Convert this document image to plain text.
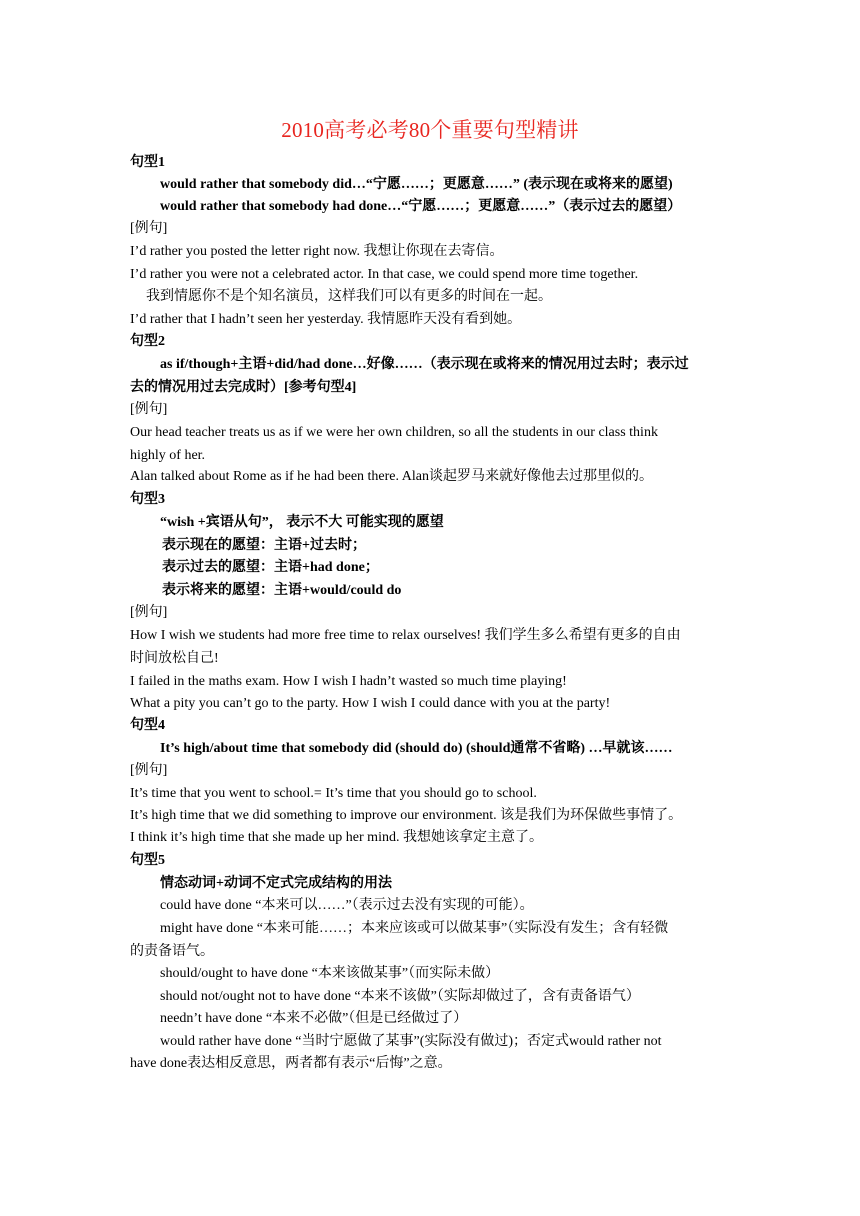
2010高考必考80个重要句型精讲
句型1
would rather that somebody did…“宁愿……；更愿意……” (表示现在或将来的愿望)
would rather that somebody had done…“宁愿……；更愿意……”（表示过去的愿望）
[例句]
I’d rather you posted the letter right now. 我想让你现在去寄信。
I’d rather you were not a celebrated actor. In that case, we could spend more time together.
我到情愿你不是个知名演员，这样我们可以有更多的时间在一起。
I’d rather that I hadn’t seen her yesterday. 我情愿昨天没有看到她。
句型2
as if/though+主语+did/had done…好像……（表示现在或将来的情况用过去时；表示过
去的情况用过去完成时）[参考句型4]
[例句]
Our head teacher treats us as if we were her own children, so all the students in our class think
highly of her.
Alan talked about Rome as if he had been there. Alan谈起罗马来就好像他去过那里似的。
句型3
“wish +宾语从句”， 表示不大 可能实现的愿望
表示现在的愿望：主语+过去时；
表示过去的愿望：主语+had done；
表示将来的愿望：主语+would/could do
[例句]
How I wish we students had more free time to relax ourselves! 我们学生多么希望有更多的自由
时间放松自己!
I failed in the maths exam. How I wish I hadn’t wasted so much time playing!
What a pity you can’t go to the party. How I wish I could dance with you at the party!
句型4
It’s high/about time that somebody did (should do) (should通常不省略) …早就该……
[例句]
It’s time that you went to school.= It’s time that you should go to school.
It’s high time that we did something to improve our environment. 该是我们为环保做些事情了。
I think it’s high time that she made up her mind. 我想她该拿定主意了。
句型5
情态动词+动词不定式完成结构的用法
could have done “本来可以……”（表示过去没有实现的可能）。
might have done “本来可能……；本来应该或可以做某事”（实际没有发生；含有轻微
的责备语气。
should/ought to have done “本来该做某事”（而实际未做）
should not/ought not to have done “本来不该做”（实际却做过了，含有责备语气）
needn’t have done “本来不必做”（但是已经做过了）
would rather have done “当时宁愿做了某事”(实际没有做过)；否定式would rather not
have done表达相反意思，两者都有表示“后悔”之意。
